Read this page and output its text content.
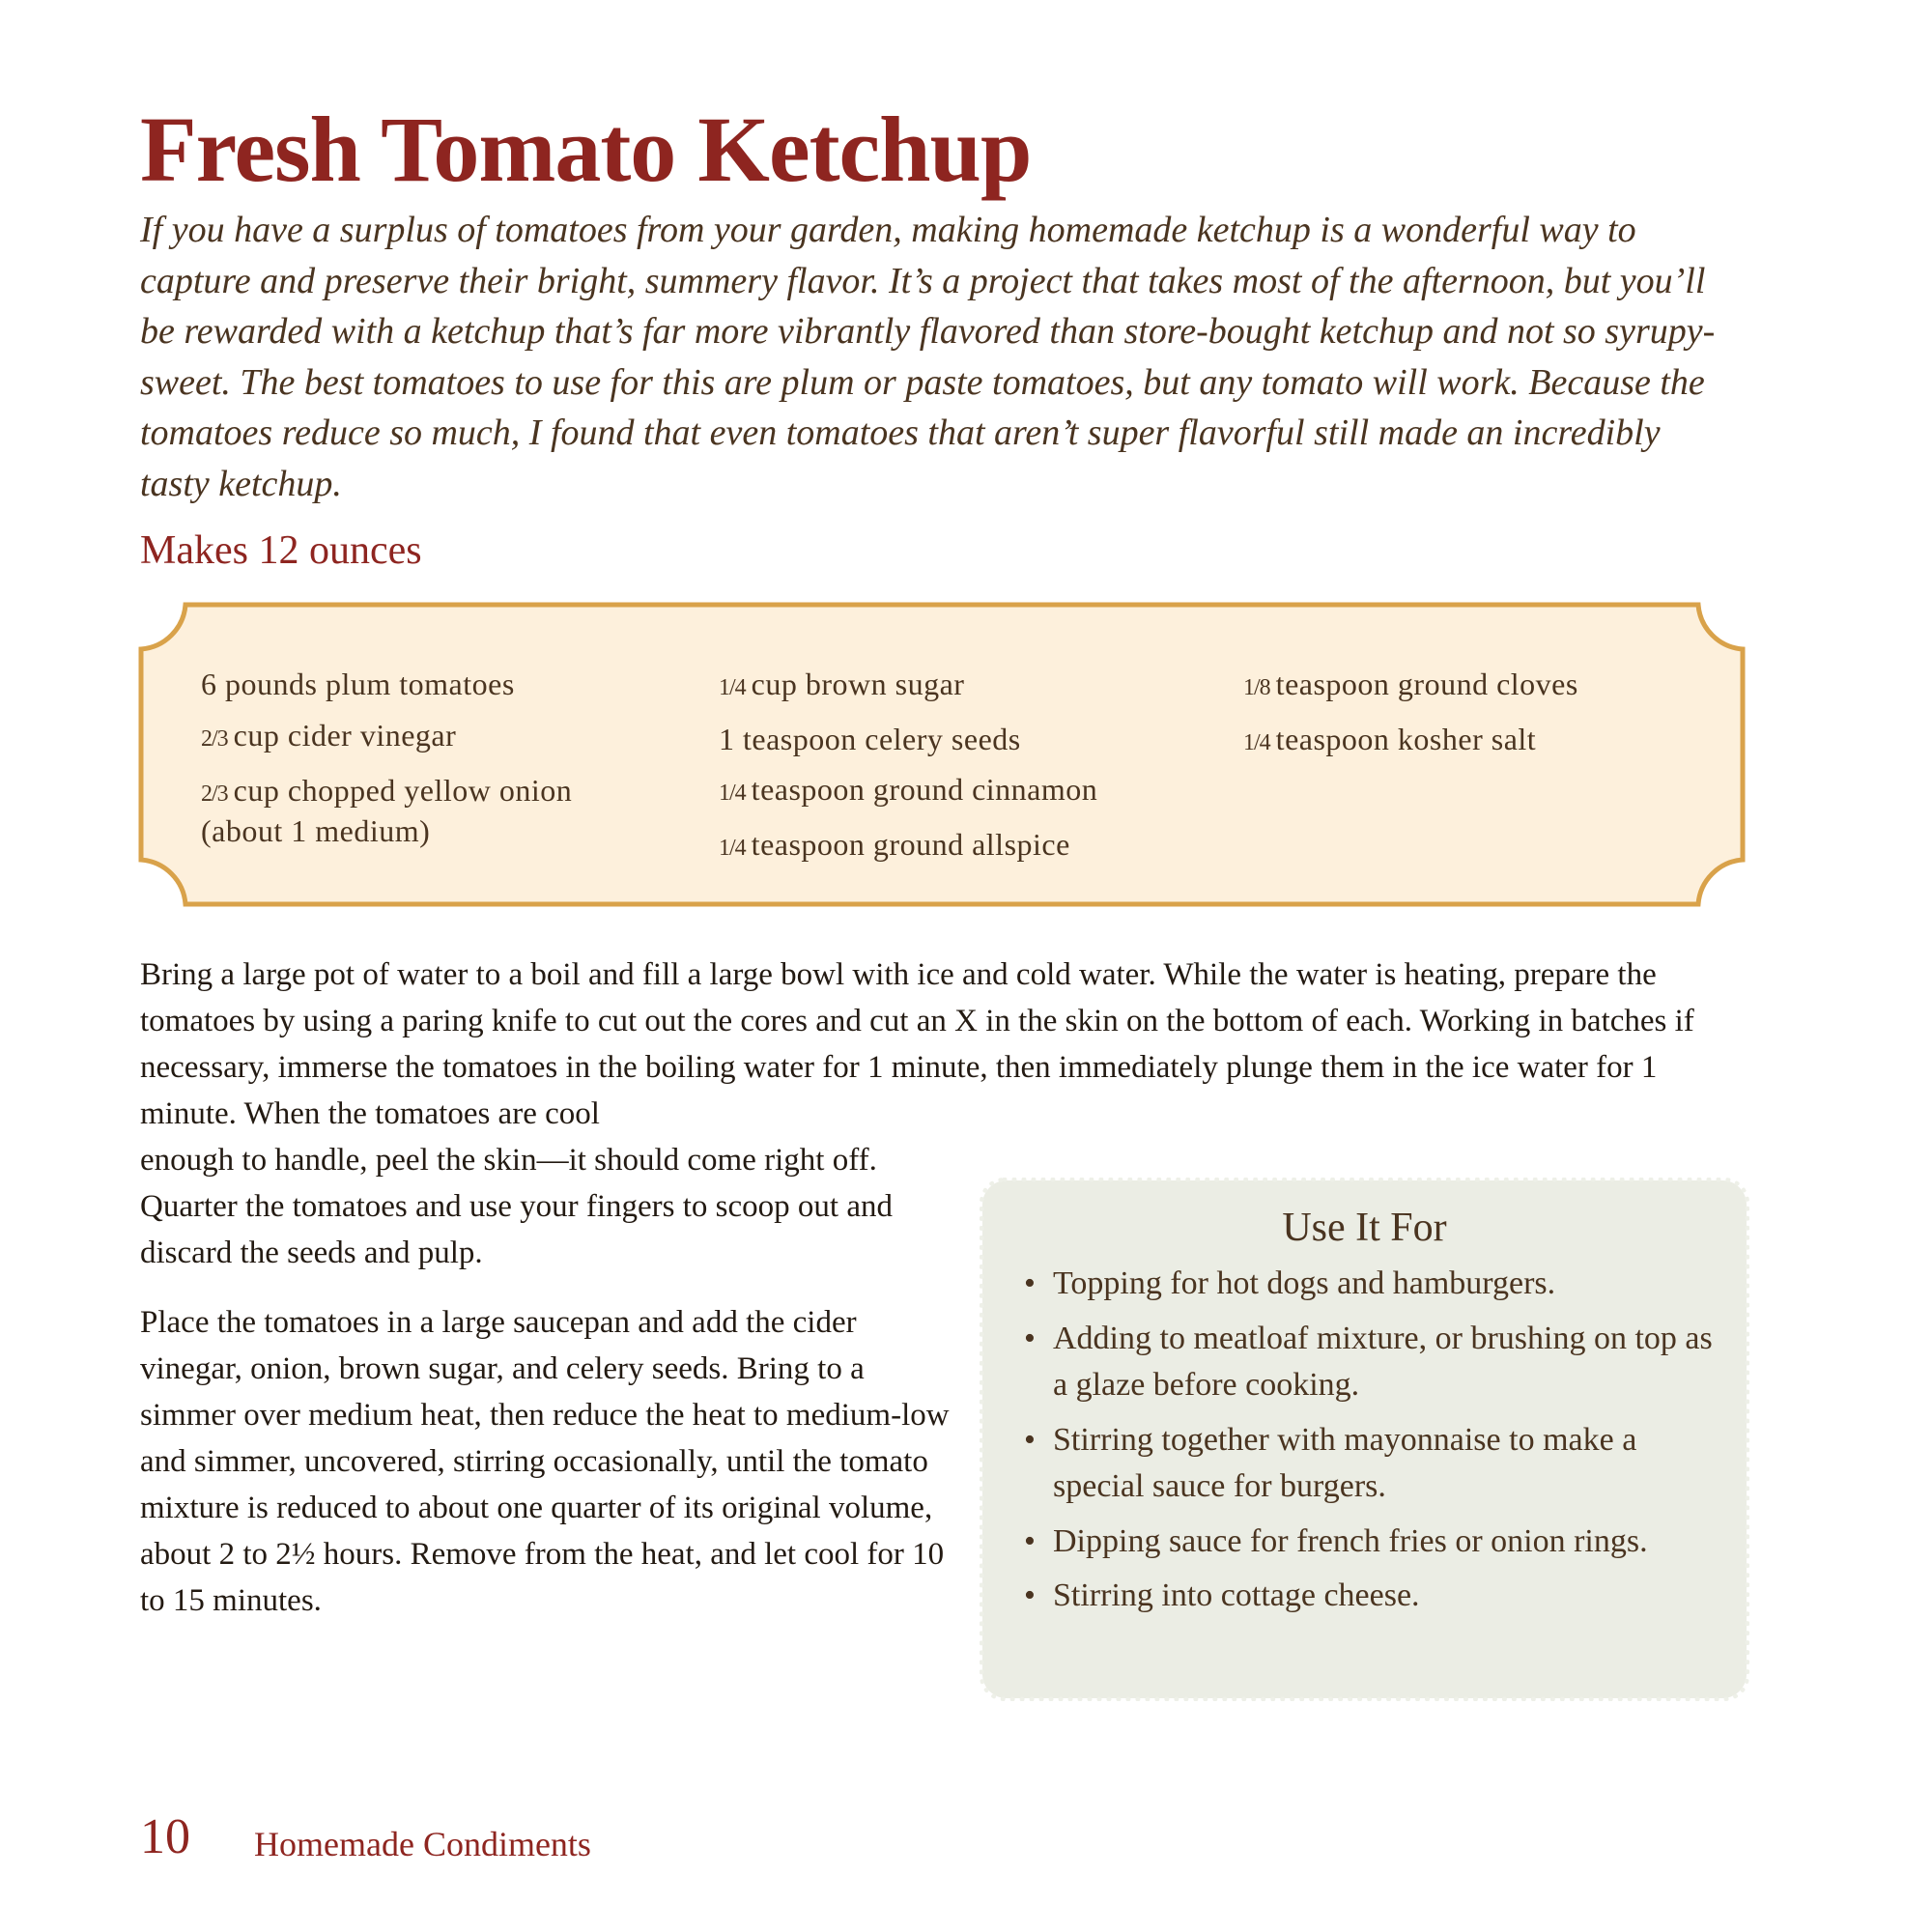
Fresh Tomato Ketchup

If you have a surplus of tomatoes from your garden, making homemade ketchup is a wonderful way to capture and preserve their bright, summery flavor. It’s a project that takes most of the afternoon, but you’ll be rewarded with a ketchup that’s far more vibrantly flavored than store-bought ketchup and not so syrupy-sweet. The best tomatoes to use for this are plum or paste tomatoes, but any tomato will work. Because the tomatoes reduce so much, I found that even tomatoes that aren’t super flavorful still made an incredibly tasty ketchup.

Makes 12 ounces

6 pounds plum tomatoes

2/3 cup cider vinegar

2/3 cup chopped yellow onion (about 1 medium)

1/4 cup brown sugar

1 teaspoon celery seeds

1/4 teaspoon ground cinnamon

1/4 teaspoon ground allspice

1/8 teaspoon ground cloves

1/4 teaspoon kosher salt

Bring a large pot of water to a boil and fill a large bowl with ice and cold water. While the water is heating, prepare the tomatoes by using a paring knife to cut out the cores and cut an X in the skin on the bottom of each. Working in batches if necessary, immerse the tomatoes in the boiling water for 1 minute, then immediately plunge them in the ice water for 1 minute. When the tomatoes are cool

enough to handle, peel the skin—it should come right off. Quarter the tomatoes and use your fingers to scoop out and discard the seeds and pulp.

Place the tomatoes in a large saucepan and add the cider vinegar, onion, brown sugar, and celery seeds. Bring to a simmer over medium heat, then reduce the heat to medium-low and simmer, uncovered, stirring occasionally, until the tomato mixture is reduced to about one quarter of its original volume, about 2 to 2½ hours. Remove from the heat, and let cool for 10 to 15 minutes.

Use It For

• Topping for hot dogs and hamburgers.
• Adding to meatloaf mixture, or brushing on top as a glaze before cooking.
• Stirring together with mayonnaise to make a special sauce for burgers.
• Dipping sauce for french fries or onion rings.
• Stirring into cottage cheese.
10 Homemade Condiments
